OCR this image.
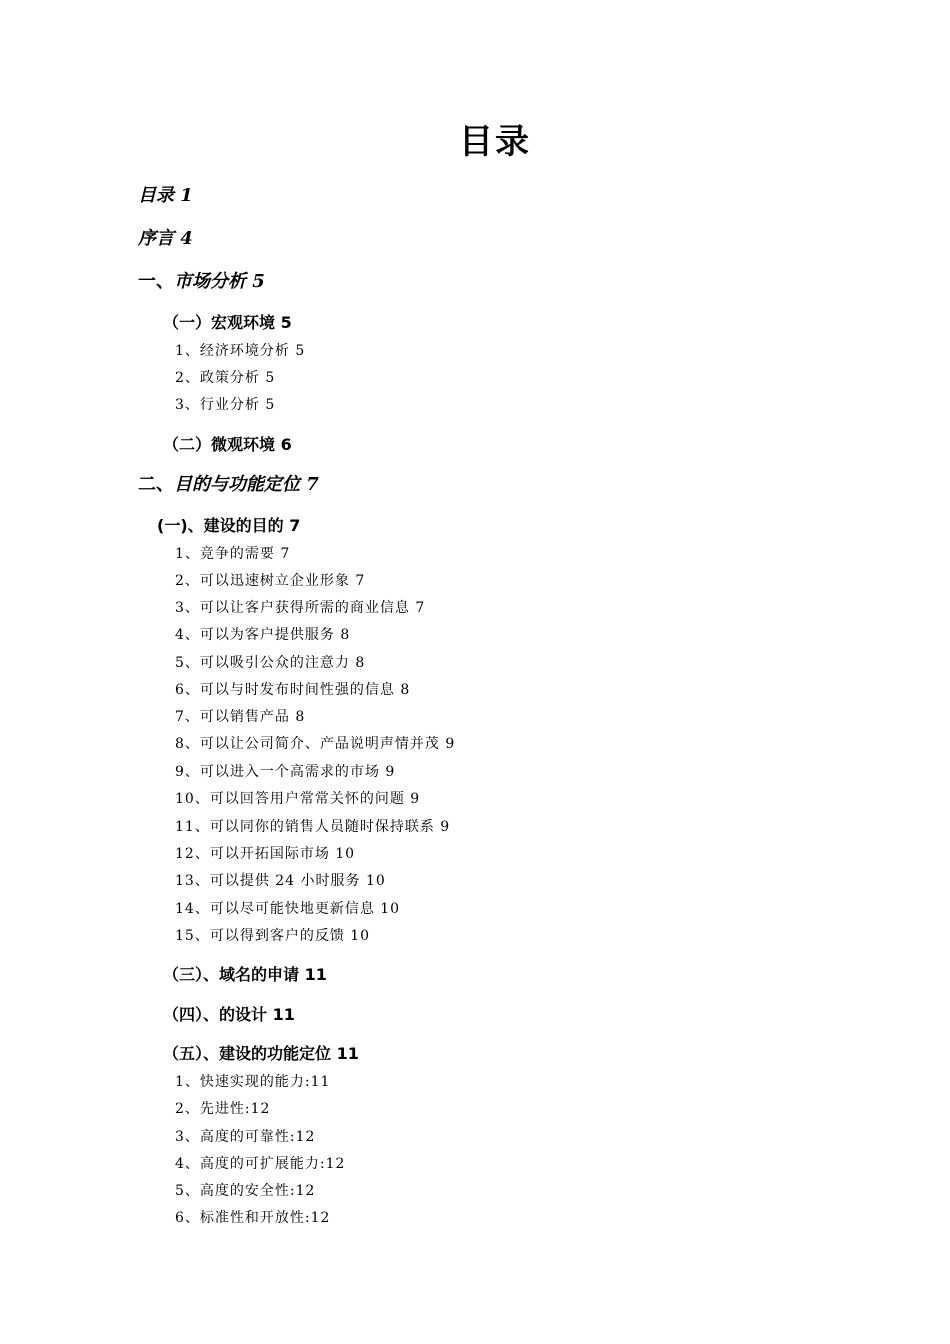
目录
目录 1
序言 4
一、市场分析 5
（一）宏观环境 5
1、经济环境分析 5
2、政策分析 5
3、行业分析 5
（二）微观环境 6
二、目的与功能定位 7
(一)、建设的目的 7
1、竞争的需要 7
2、可以迅速树立企业形象 7
3、可以让客户获得所需的商业信息 7
4、可以为客户提供服务 8
5、可以吸引公众的注意力 8
6、可以与时发布时间性强的信息 8
7、可以销售产品 8
8、可以让公司简介、产品说明声情并茂 9
9、可以进入一个高需求的市场 9
10、可以回答用户常常关怀的问题 9
11、可以同你的销售人员随时保持联系 9
12、可以开拓国际市场 10
13、可以提供 24 小时服务 10
14、可以尽可能快地更新信息 10
15、可以得到客户的反馈 10
（三）、域名的申请 11
（四）、的设计 11
（五）、建设的功能定位 11
1、快速实现的能力:11
2、先进性:12
3、高度的可靠性:12
4、高度的可扩展能力:12
5、高度的安全性:12
6、标准性和开放性:12
